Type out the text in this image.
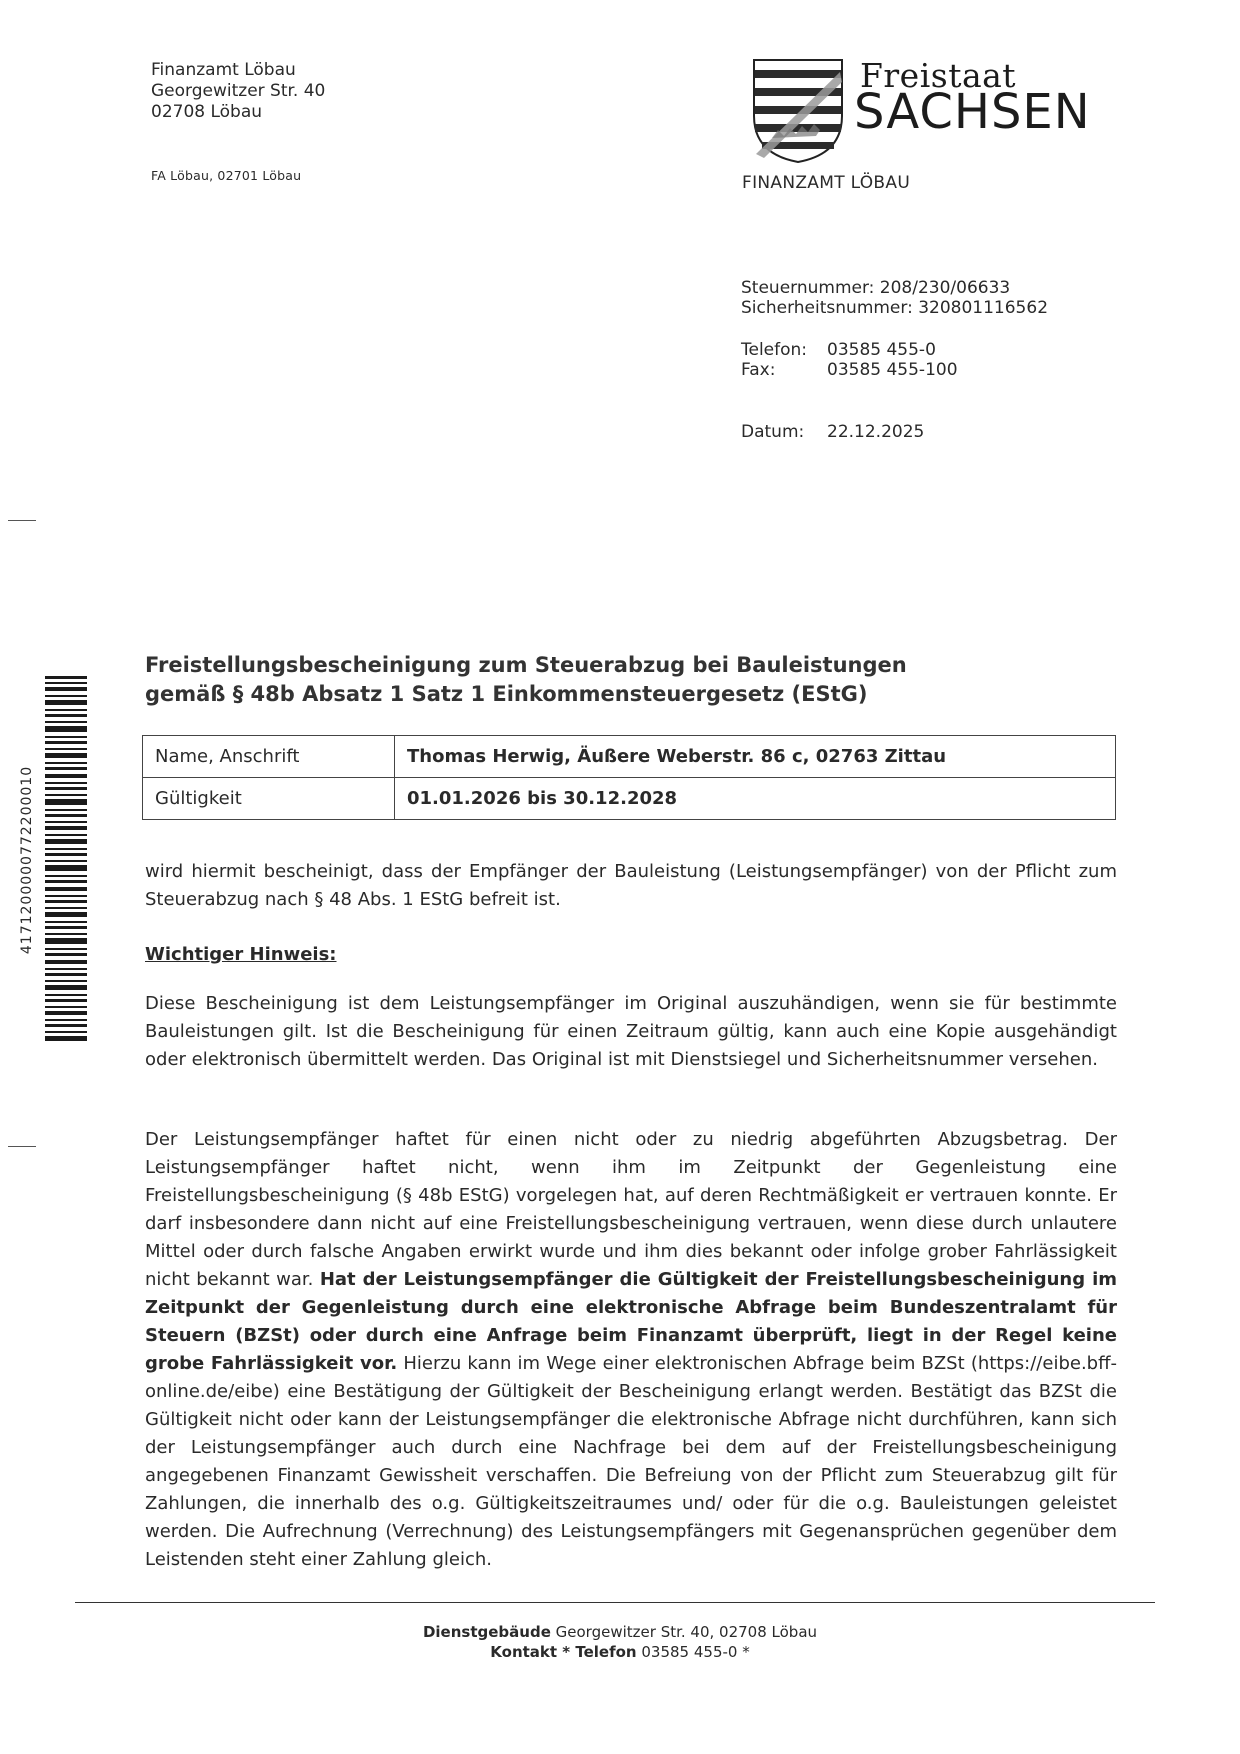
Finanzamt Löbau
Georgewitzer Str. 40
02708 Löbau
FA Löbau, 02701 Löbau
Freistaat
SACHSEN
FINANZAMT LÖBAU
Steuernummer: 208/230/06633
Sicherheitsnummer: 320801116562
Telefon:	03585 455-0
Fax:	03585 455-100
Datum:	22.12.2025
4171200000772200010
Freistellungsbescheinigung zum Steuerabzug bei Bauleistungen
gemäß § 48b Absatz 1 Satz 1 Einkommensteuergesetz (EStG)
Name, Anschrift	Thomas Herwig, Äußere Weberstr. 86 c, 02763 Zittau
Gültigkeit	01.01.2026 bis 30.12.2028
wird hiermit bescheinigt, dass der Empfänger der Bauleistung (Leistungsempfänger) von der Pflicht zum Steuerabzug nach § 48 Abs. 1 EStG befreit ist.
Wichtiger Hinweis:
Diese Bescheinigung ist dem Leistungsempfänger im Original auszuhändigen, wenn sie für bestimmte Bauleistungen gilt. Ist die Bescheinigung für einen Zeitraum gültig, kann auch eine Kopie ausgehändigt oder elektronisch übermittelt werden. Das Original ist mit Dienstsiegel und Sicherheitsnummer versehen.
Der Leistungsempfänger haftet für einen nicht oder zu niedrig abgeführten Abzugsbetrag. Der Leistungsempfänger haftet nicht, wenn ihm im Zeitpunkt der Gegenleistung eine Freistellungsbescheinigung (§ 48b EStG) vorgelegen hat, auf deren Rechtmäßigkeit er vertrauen konnte. Er darf insbesondere dann nicht auf eine Freistellungsbescheinigung vertrauen, wenn diese durch unlautere Mittel oder durch falsche Angaben erwirkt wurde und ihm dies bekannt oder infolge grober Fahrlässigkeit nicht bekannt war. Hat der Leistungsempfänger die Gültigkeit der Freistellungsbescheinigung im Zeitpunkt der Gegenleistung durch eine elektronische Abfrage beim Bundeszentralamt für Steuern (BZSt) oder durch eine Anfrage beim Finanzamt überprüft, liegt in der Regel keine grobe Fahrlässigkeit vor. Hierzu kann im Wege einer elektronischen Abfrage beim BZSt (https://eibe.bff-online.de/eibe) eine Bestätigung der Gültigkeit der Bescheinigung erlangt werden. Bestätigt das BZSt die Gültigkeit nicht oder kann der Leistungsempfänger die elektronische Abfrage nicht durchführen, kann sich der Leistungsempfänger auch durch eine Nachfrage bei dem auf der Freistellungsbescheinigung angegebenen Finanzamt Gewissheit verschaffen. Die Befreiung von der Pflicht zum Steuerabzug gilt für Zahlungen, die innerhalb des o.g. Gültigkeitszeitraumes und/ oder für die o.g. Bauleistungen geleistet werden. Die Aufrechnung (Verrechnung) des Leistungsempfängers mit Gegenansprüchen gegenüber dem Leistenden steht einer Zahlung gleich.
Dienstgebäude Georgewitzer Str. 40, 02708 Löbau
Kontakt * Telefon 03585 455-0 *
